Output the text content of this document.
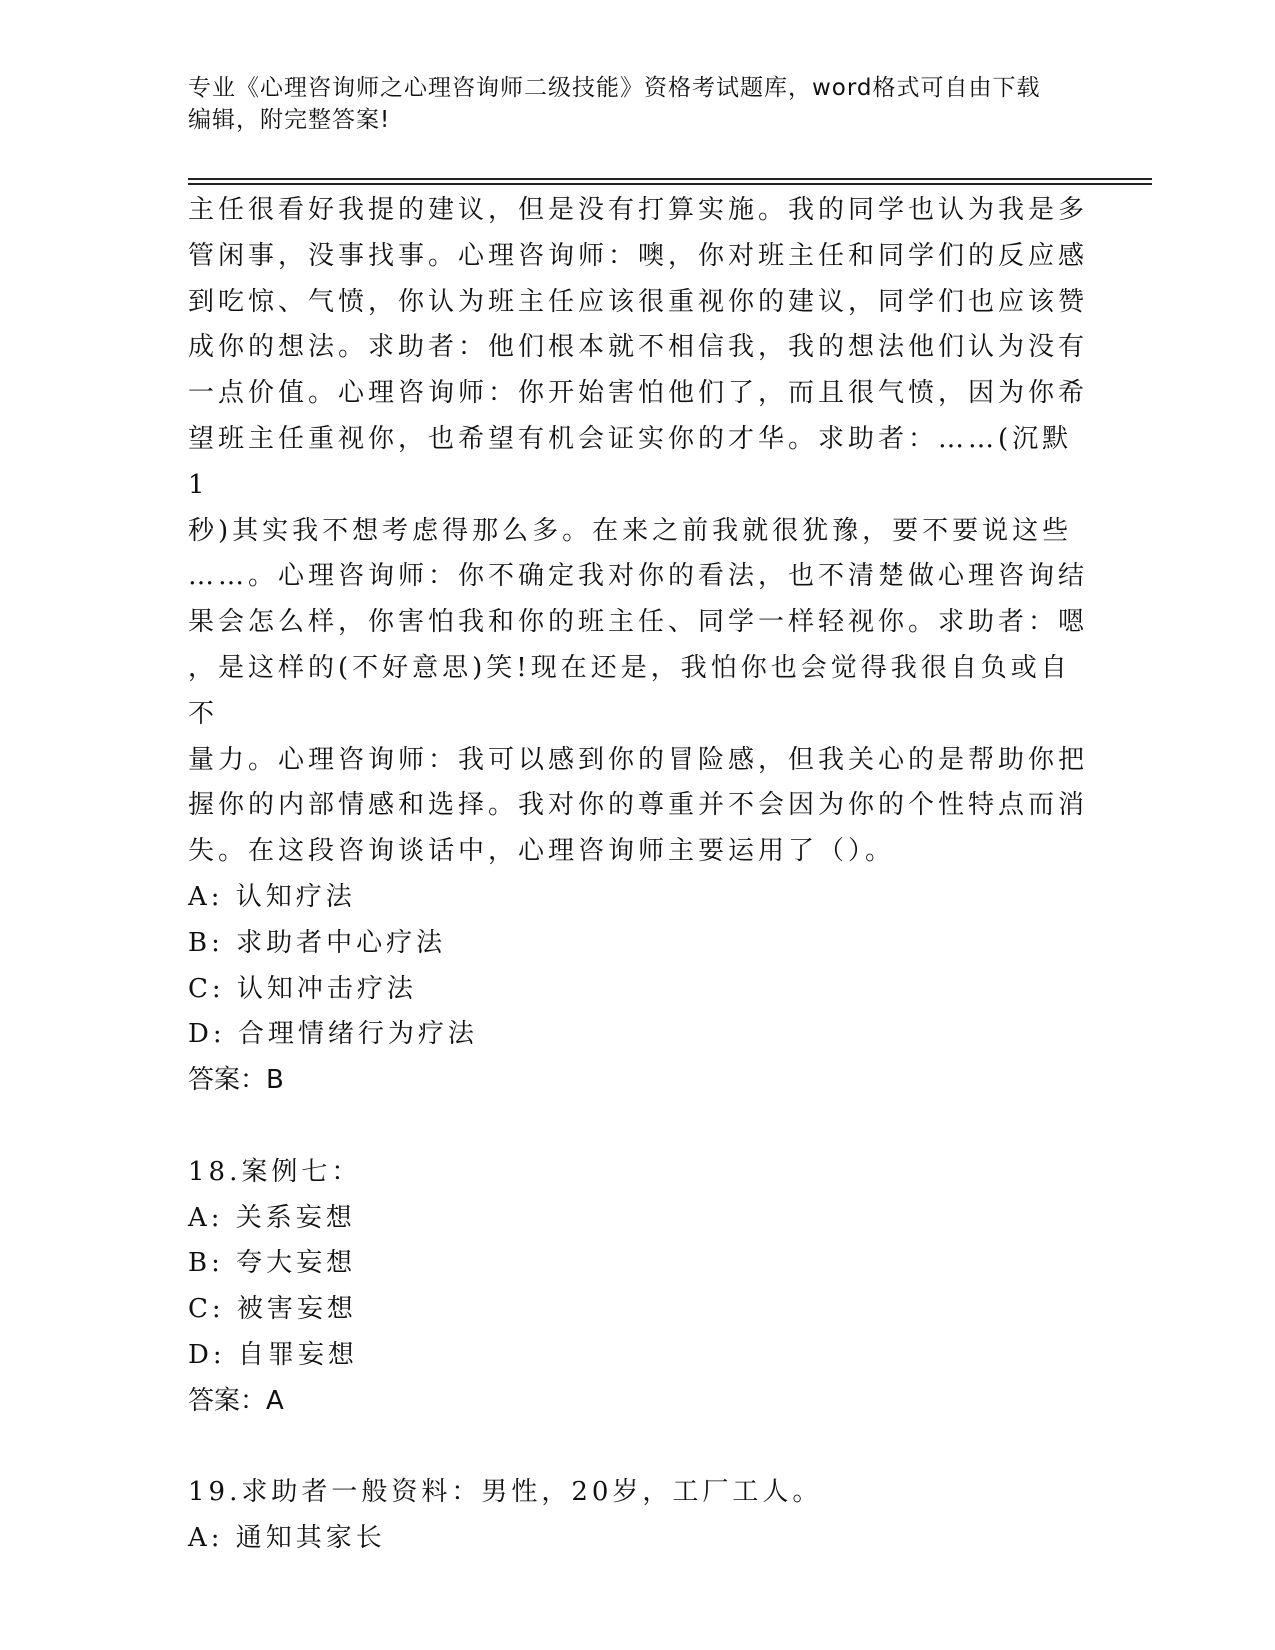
专业《心理咨询师之心理咨询师二级技能》资格考试题库，word格式可自由下载
编辑，附完整答案!

主任很看好我提的建议，但是没有打算实施。我的同学也认为我是多

管闲事，没事找事。心理咨询师：噢，你对班主任和同学们的反应感

到吃惊、气愤，你认为班主任应该很重视你的建议，同学们也应该赞

成你的想法。求助者：他们根本就不相信我，我的想法他们认为没有

一点价值。心理咨询师：你开始害怕他们了，而且很气愤，因为你希

望班主任重视你，也希望有机会证实你的才华。求助者：……(沉默1

秒)其实我不想考虑得那么多。在来之前我就很犹豫，要不要说这些

……。心理咨询师：你不确定我对你的看法，也不清楚做心理咨询结

果会怎么样，你害怕我和你的班主任、同学一样轻视你。求助者：嗯

，是这样的(不好意思)笑!现在还是，我怕你也会觉得我很自负或自不

量力。心理咨询师：我可以感到你的冒险感，但我关心的是帮助你把

握你的内部情感和选择。我对你的尊重并不会因为你的个性特点而消

失。在这段咨询谈话中，心理咨询师主要运用了（）。

A: 认知疗法

B: 求助者中心疗法

C: 认知冲击疗法

D: 合理情绪行为疗法

答案：B

18.案例七：

A: 关系妄想

B: 夸大妄想

C: 被害妄想

D: 自罪妄想

答案：A

19.求助者一般资料：男性，20岁，工厂工人。

A: 通知其家长
